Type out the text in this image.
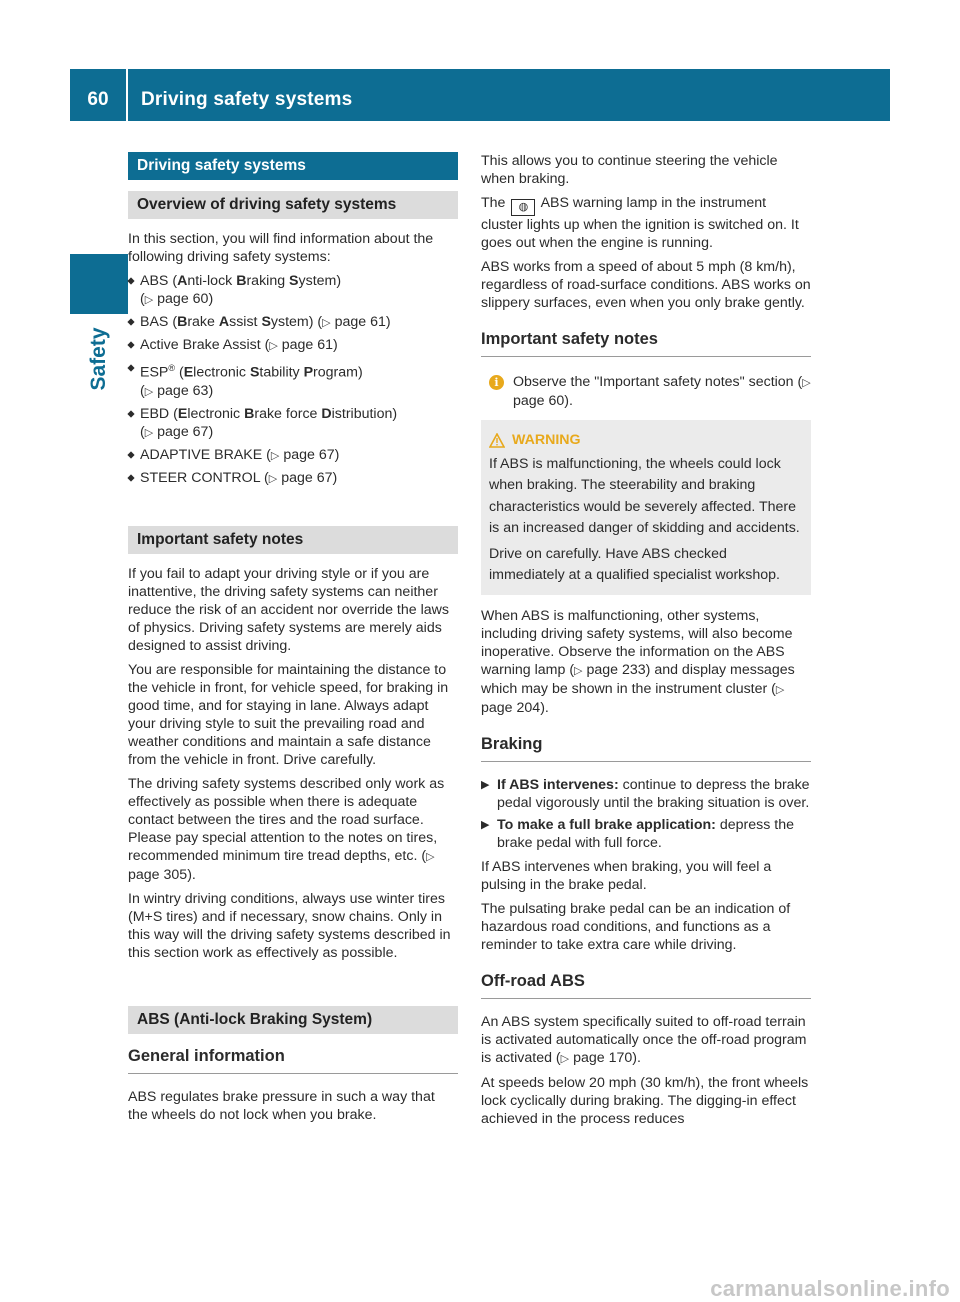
60	Driving safety systems
Safety
Driving safety systems
Overview of driving safety systems

In this section, you will find information about the following driving safety systems:

ABS (Anti-lock Braking System)
(▷ page 60)
BAS (Brake Assist System) (▷ page 61)
Active Brake Assist (▷ page 61)
ESP® (Electronic Stability Program)
(▷ page 63)
EBD (Electronic Brake force Distribution)
(▷ page 67)
ADAPTIVE BRAKE (▷ page 67)
STEER CONTROL (▷ page 67)
Important safety notes

If you fail to adapt your driving style or if you are inattentive, the driving safety systems can neither reduce the risk of an accident nor override the laws of physics. Driving safety systems are merely aids designed to assist driving.

You are responsible for maintaining the distance to the vehicle in front, for vehicle speed, for braking in good time, and for staying in lane. Always adapt your driving style to suit the prevailing road and weather conditions and maintain a safe distance from the vehicle in front. Drive carefully.

The driving safety systems described only work as effectively as possible when there is adequate contact between the tires and the road surface. Please pay special attention to the notes on tires, recommended minimum tire tread depths, etc. (▷ page 305).

In wintry driving conditions, always use winter tires (M+S tires) and if necessary, snow chains. Only in this way will the driving safety systems described in this section work as effectively as possible.

ABS (Anti-lock Braking System)
General information

ABS regulates brake pressure in such a way that the wheels do not lock when you brake.

This allows you to continue steering the vehicle when braking.

The ◍ ABS warning lamp in the instrument cluster lights up when the ignition is switched on. It goes out when the engine is running.

ABS works from a speed of about 5 mph (8 km/h), regardless of road-surface conditions. ABS works on slippery surfaces, even when you only brake gently.

Important safety notes
i	Observe the "Important safety notes" section (▷ page 60).
WARNING
If ABS is malfunctioning, the wheels could lock when braking. The steerability and braking characteristics would be severely affected. There is an increased danger of skidding and accidents.
Drive on carefully. Have ABS checked immediately at a qualified specialist workshop.

When ABS is malfunctioning, other systems, including driving safety systems, will also become inoperative. Observe the information on the ABS warning lamp (▷ page 233) and display messages which may be shown in the instrument cluster (▷ page 204).

Braking
▶ If ABS intervenes: continue to depress the brake pedal vigorously until the braking situation is over.
▶ To make a full brake application: depress the brake pedal with full force.

If ABS intervenes when braking, you will feel a pulsing in the brake pedal.

The pulsating brake pedal can be an indication of hazardous road conditions, and functions as a reminder to take extra care while driving.

Off-road ABS

An ABS system specifically suited to off-road terrain is activated automatically once the off-road program is activated (▷ page 170).

At speeds below 20 mph (30 km/h), the front wheels lock cyclically during braking. The digging-in effect achieved in the process reduces

carmanualsonline.info
